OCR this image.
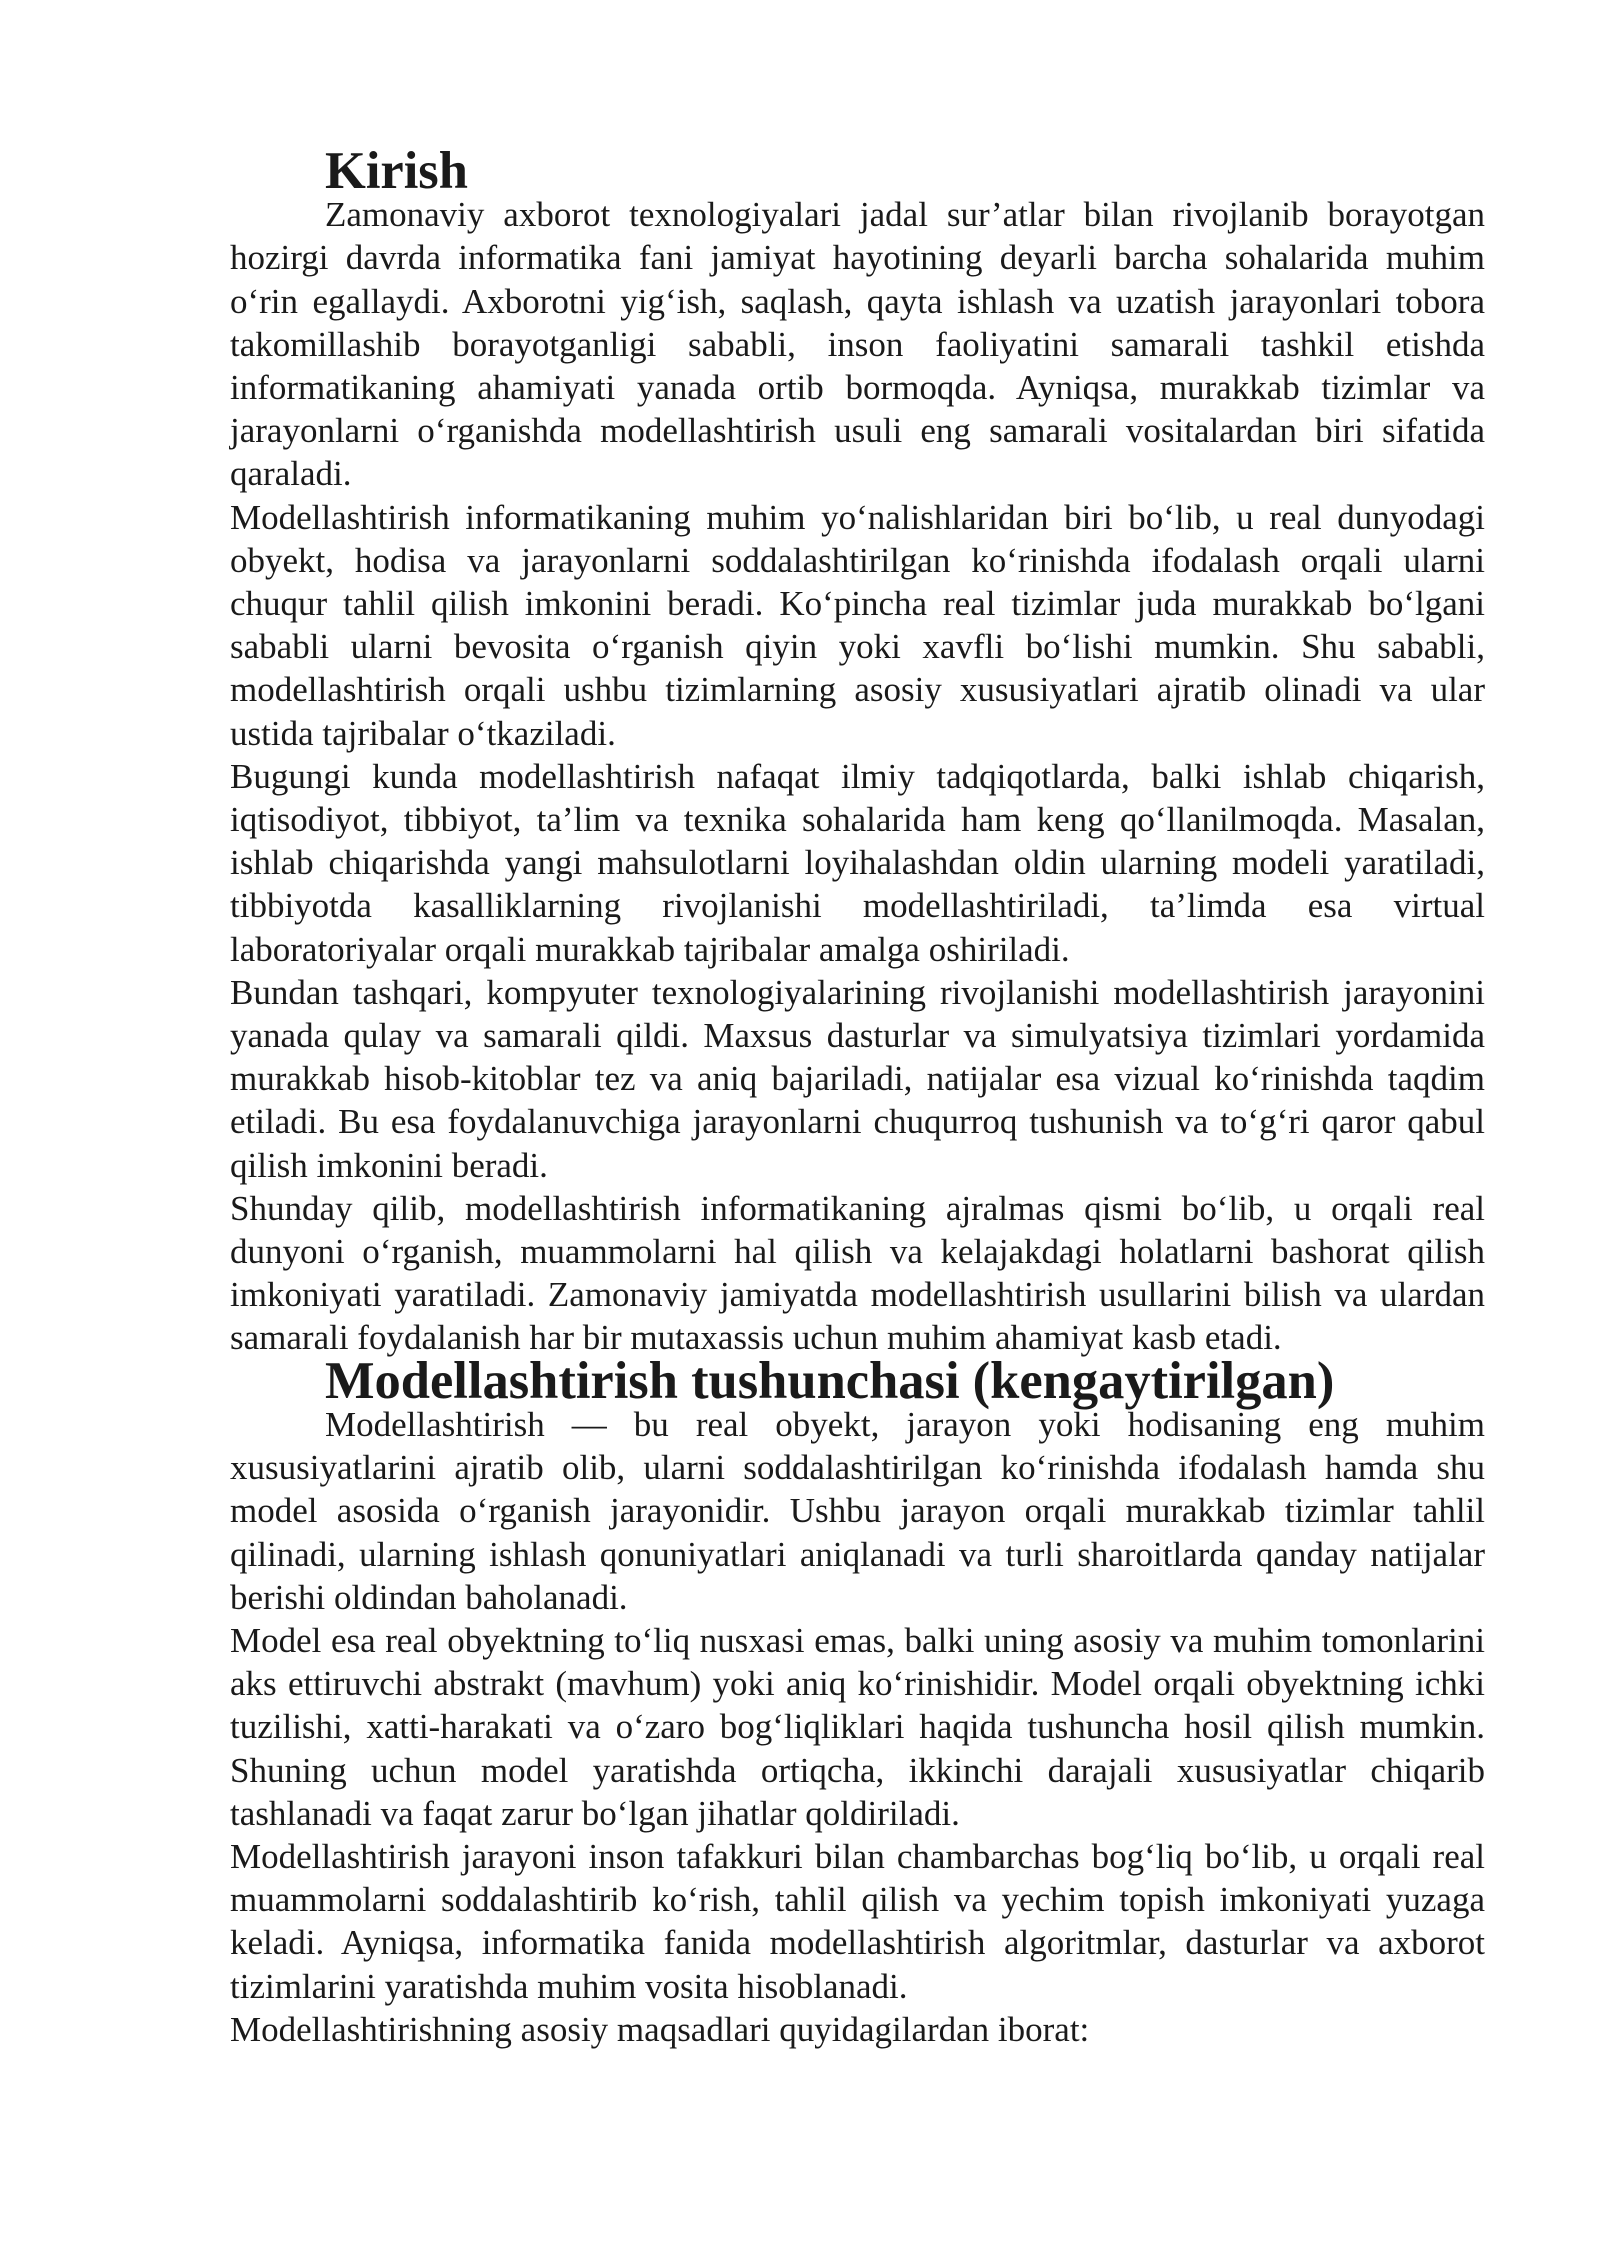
Kirish

Zamonaviy axborot texnologiyalari jadal sur’atlar bilan rivojlanib borayotgan hozirgi davrda informatika fani jamiyat hayotining deyarli barcha sohalarida muhim o‘rin egallaydi. Axborotni yig‘ish, saqlash, qayta ishlash va uzatish jarayonlari tobora takomillashib borayotganligi sababli, inson faoliyatini samarali tashkil etishda informatikaning ahamiyati yanada ortib bormoqda. Ayniqsa, murakkab tizimlar va jarayonlarni o‘rganishda modellashtirish usuli eng samarali vositalardan biri sifatida qaraladi.

Modellashtirish informatikaning muhim yo‘nalishlaridan biri bo‘lib, u real dunyodagi obyekt, hodisa va jarayonlarni soddalashtirilgan ko‘rinishda ifodalash orqali ularni chuqur tahlil qilish imkonini beradi. Ko‘pincha real tizimlar juda murakkab bo‘lgani sababli ularni bevosita o‘rganish qiyin yoki xavfli bo‘lishi mumkin. Shu sababli, modellashtirish orqali ushbu tizimlarning asosiy xususiyatlari ajratib olinadi va ular ustida tajribalar o‘tkaziladi.

Bugungi kunda modellashtirish nafaqat ilmiy tadqiqotlarda, balki ishlab chiqarish, iqtisodiyot, tibbiyot, ta’lim va texnika sohalarida ham keng qo‘llanilmoqda. Masalan, ishlab chiqarishda yangi mahsulotlarni loyihalashdan oldin ularning modeli yaratiladi, tibbiyotda kasalliklarning rivojlanishi modellashtiriladi, ta’limda esa virtual laboratoriyalar orqali murakkab tajribalar amalga oshiriladi.

Bundan tashqari, kompyuter texnologiyalarining rivojlanishi modellashtirish jarayonini yanada qulay va samarali qildi. Maxsus dasturlar va simulyatsiya tizimlari yordamida murakkab hisob-kitoblar tez va aniq bajariladi, natijalar esa vizual ko‘rinishda taqdim etiladi. Bu esa foydalanuvchiga jarayonlarni chuqurroq tushunish va to‘g‘ri qaror qabul qilish imkonini beradi.

Shunday qilib, modellashtirish informatikaning ajralmas qismi bo‘lib, u orqali real dunyoni o‘rganish, muammolarni hal qilish va kelajakdagi holatlarni bashorat qilish imkoniyati yaratiladi. Zamonaviy jamiyatda modellashtirish usullarini bilish va ulardan samarali foydalanish har bir mutaxassis uchun muhim ahamiyat kasb etadi.

Modellashtirish tushunchasi (kengaytirilgan)

Modellashtirish — bu real obyekt, jarayon yoki hodisaning eng muhim xususiyatlarini ajratib olib, ularni soddalashtirilgan ko‘rinishda ifodalash hamda shu model asosida o‘rganish jarayonidir. Ushbu jarayon orqali murakkab tizimlar tahlil qilinadi, ularning ishlash qonuniyatlari aniqlanadi va turli sharoitlarda qanday natijalar berishi oldindan baholanadi.

Model esa real obyektning to‘liq nusxasi emas, balki uning asosiy va muhim tomonlarini aks ettiruvchi abstrakt (mavhum) yoki aniq ko‘rinishidir. Model orqali obyektning ichki tuzilishi, xatti-harakati va o‘zaro bog‘liqliklari haqida tushuncha hosil qilish mumkin. Shuning uchun model yaratishda ortiqcha, ikkinchi darajali xususiyatlar chiqarib tashlanadi va faqat zarur bo‘lgan jihatlar qoldiriladi.

Modellashtirish jarayoni inson tafakkuri bilan chambarchas bog‘liq bo‘lib, u orqali real muammolarni soddalashtirib ko‘rish, tahlil qilish va yechim topish imkoniyati yuzaga keladi. Ayniqsa, informatika fanida modellashtirish algoritmlar, dasturlar va axborot tizimlarini yaratishda muhim vosita hisoblanadi.

Modellashtirishning asosiy maqsadlari quyidagilardan iborat:
